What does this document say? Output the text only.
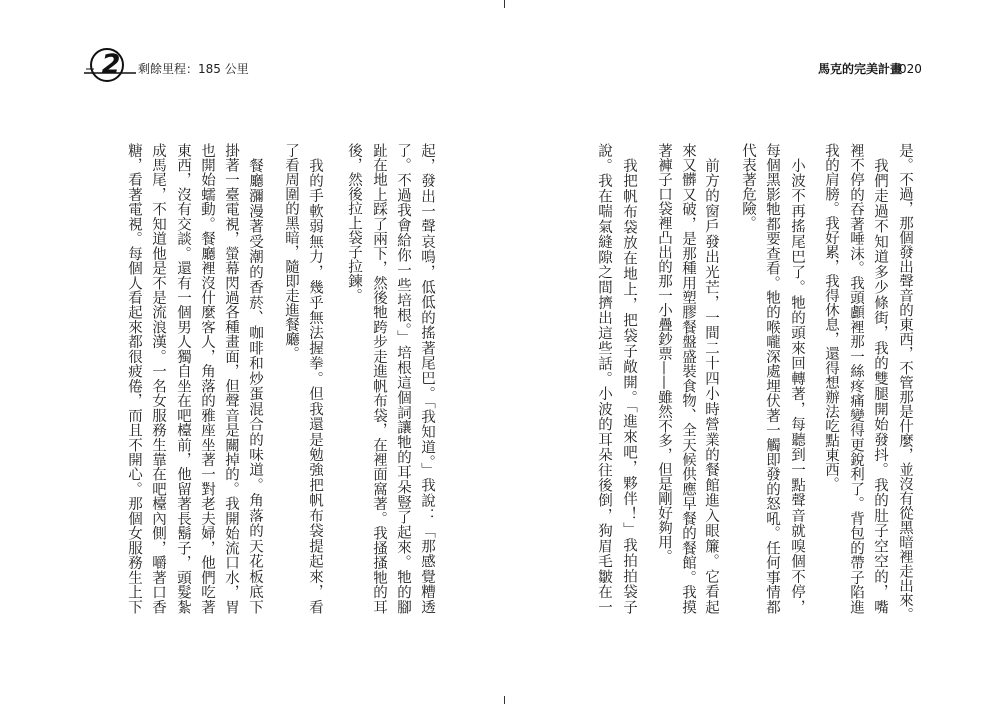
2	剩餘里程：185 公里	馬克的完美計畫
020
是。不過，那個發出聲音的東西，不管那是什麼，並沒有從黑暗裡走出來。
我們走過不知道多少條街，我的雙腿開始發抖。我的肚子空空的，嘴
裡不停的吞著唾沫。我頭顱裡那一絲疼痛變得更銳利了。背包的帶子陷進
我的肩膀。我好累，我得休息，還得想辦法吃點東西。
小波不再搖尾巴了。牠的頭來回轉著，每聽到一點聲音就嗅個不停，
每個黑影牠都要查看。牠的喉嚨深處埋伏著一觸即發的怒吼。任何事情都
代表著危險。
前方的窗戶發出光芒，一間二十四小時營業的餐館進入眼簾。它看起
來又髒又破，是那種用塑膠餐盤盛裝食物、全天候供應早餐的餐館。我摸
著褲子口袋裡凸出的那一小疊鈔票——雖然不多，但是剛好夠用。
我把帆布袋放在地上，把袋子敞開。「進來吧，夥伴！」我拍拍袋子
說。我在喘氣縫隙之間擠出這些話。小波的耳朵往後倒，狗眉毛皺在一
起，發出一聲哀鳴，低低的搖著尾巴。「我知道。」我說：「那感覺糟透
了。不過我會給你一些培根。」培根這個詞讓牠的耳朵豎了起來。牠的腳
趾在地上踩了兩下，然後牠跨步走進帆布袋，在裡面窩著。我搔搔牠的耳
後，然後拉上袋子拉鍊。
我的手軟弱無力，幾乎無法握拳。但我還是勉強把帆布袋提起來，看
了看周圍的黑暗，隨即走進餐廳。
餐廳瀰漫著受潮的香菸、咖啡和炒蛋混合的味道。角落的天花板底下
掛著一臺電視，螢幕閃過各種畫面，但聲音是關掉的。我開始流口水，胃
也開始蠕動。餐廳裡沒什麼客人，角落的雅座坐著一對老夫婦，他們吃著
東西，沒有交談。還有一個男人獨自坐在吧檯前，他留著長鬍子，頭髮紮
成馬尾，不知道他是不是流浪漢。一名女服務生靠在吧檯內側，嚼著口香
糖，看著電視。每個人看起來都很疲倦，而且不開心。那個女服務生上下
